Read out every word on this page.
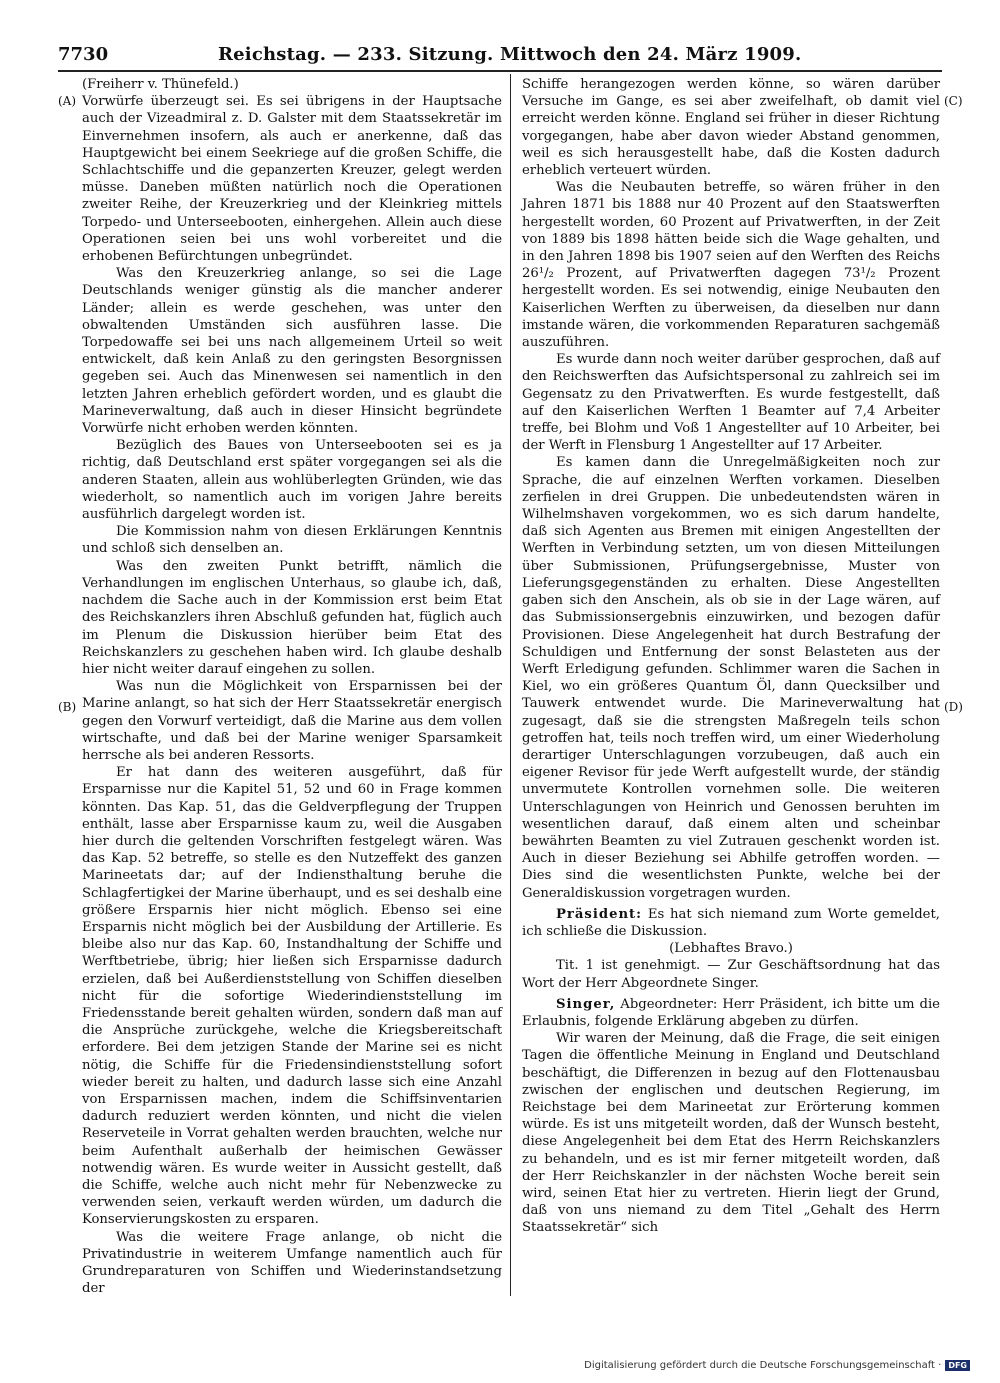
7730	Reichstag. — 233. Sitzung. Mittwoch den 24. März 1909.
(A)
(B)
(C)
(D)

(Freiherr v. Thünefeld.)

Vorwürfe überzeugt sei. Es sei übrigens in der Hauptsache auch der Vizeadmiral z. D. Galster mit dem Staatssekretär im Einvernehmen insofern, als auch er anerkenne, daß das Hauptgewicht bei einem Seekriege auf die großen Schiffe, die Schlachtschiffe und die gepanzerten Kreuzer, gelegt werden müsse. Daneben müßten natürlich noch die Operationen zweiter Reihe, der Kreuzerkrieg und der Kleinkrieg mittels Torpedo- und Unterseebooten, einhergehen. Allein auch diese Operationen seien bei uns wohl vorbereitet und die erhobenen Befürchtungen unbegründet.

Was den Kreuzerkrieg anlange, so sei die Lage Deutschlands weniger günstig als die mancher anderer Länder; allein es werde geschehen, was unter den obwaltenden Umständen sich ausführen lasse. Die Torpedowaffe sei bei uns nach allgemeinem Urteil so weit entwickelt, daß kein Anlaß zu den geringsten Besorgnissen gegeben sei. Auch das Minenwesen sei namentlich in den letzten Jahren erheblich gefördert worden, und es glaubt die Marineverwaltung, daß auch in dieser Hinsicht begründete Vorwürfe nicht erhoben werden könnten.

Bezüglich des Baues von Unterseebooten sei es ja richtig, daß Deutschland erst später vorgegangen sei als die anderen Staaten, allein aus wohlüberlegten Gründen, wie das wiederholt, so namentlich auch im vorigen Jahre bereits ausführlich dargelegt worden ist.

Die Kommission nahm von diesen Erklärungen Kenntnis und schloß sich denselben an.

Was den zweiten Punkt betrifft, nämlich die Verhandlungen im englischen Unterhaus, so glaube ich, daß, nachdem die Sache auch in der Kommission erst beim Etat des Reichskanzlers ihren Abschluß gefunden hat, füglich auch im Plenum die Diskussion hierüber beim Etat des Reichskanzlers zu geschehen haben wird. Ich glaube deshalb hier nicht weiter darauf eingehen zu sollen.

Was nun die Möglichkeit von Ersparnissen bei der Marine anlangt, so hat sich der Herr Staatssekretär energisch gegen den Vorwurf verteidigt, daß die Marine aus dem vollen wirtschafte, und daß bei der Marine weniger Sparsamkeit herrsche als bei anderen Ressorts.

Er hat dann des weiteren ausgeführt, daß für Ersparnisse nur die Kapitel 51, 52 und 60 in Frage kommen könnten. Das Kap. 51, das die Geldverpflegung der Truppen enthält, lasse aber Ersparnisse kaum zu, weil die Ausgaben hier durch die geltenden Vorschriften festgelegt wären. Was das Kap. 52 betreffe, so stelle es den Nutzeffekt des ganzen Marineetats dar; auf der Indiensthaltung beruhe die Schlagfertigkei der Marine überhaupt, und es sei deshalb eine größere Ersparnis hier nicht möglich. Ebenso sei eine Ersparnis nicht möglich bei der Ausbildung der Artillerie. Es bleibe also nur das Kap. 60, Instandhaltung der Schiffe und Werftbetriebe, übrig; hier ließen sich Ersparnisse dadurch erzielen, daß bei Außerdienststellung von Schiffen dieselben nicht für die sofortige Wiederindienststellung im Friedensstande bereit gehalten würden, sondern daß man auf die Ansprüche zurückgehe, welche die Kriegsbereitschaft erfordere. Bei dem jetzigen Stande der Marine sei es nicht nötig, die Schiffe für die Friedensindienststellung sofort wieder bereit zu halten, und dadurch lasse sich eine Anzahl von Ersparnissen machen, indem die Schiffsinventarien dadurch reduziert werden könnten, und nicht die vielen Reserveteile in Vorrat gehalten werden brauchten, welche nur beim Aufenthalt außerhalb der heimischen Gewässer notwendig wären. Es wurde weiter in Aussicht gestellt, daß die Schiffe, welche auch nicht mehr für Nebenzwecke zu verwenden seien, verkauft werden würden, um dadurch die Konservierungskosten zu ersparen.

Was die weitere Frage anlange, ob nicht die Privatindustrie in weiterem Umfange namentlich auch für Grundreparaturen von Schiffen und Wiederinstandsetzung der

Schiffe herangezogen werden könne, so wären darüber Versuche im Gange, es sei aber zweifelhaft, ob damit viel erreicht werden könne. England sei früher in dieser Richtung vorgegangen, habe aber davon wieder Abstand genommen, weil es sich herausgestellt habe, daß die Kosten dadurch erheblich verteuert würden.

Was die Neubauten betreffe, so wären früher in den Jahren 1871 bis 1888 nur 40 Prozent auf den Staatswerften hergestellt worden, 60 Prozent auf Privatwerften, in der Zeit von 1889 bis 1898 hätten beide sich die Wage gehalten, und in den Jahren 1898 bis 1907 seien auf den Werften des Reichs 26¹/₂ Prozent, auf Privatwerften dagegen 73¹/₂ Prozent hergestellt worden. Es sei notwendig, einige Neubauten den Kaiserlichen Werften zu überweisen, da dieselben nur dann imstande wären, die vorkommenden Reparaturen sachgemäß auszuführen.

Es wurde dann noch weiter darüber gesprochen, daß auf den Reichswerften das Aufsichtspersonal zu zahlreich sei im Gegensatz zu den Privatwerften. Es wurde festgestellt, daß auf den Kaiserlichen Werften 1 Beamter auf 7,4 Arbeiter treffe, bei Blohm und Voß 1 Angestellter auf 10 Arbeiter, bei der Werft in Flensburg 1 Angestellter auf 17 Arbeiter.

Es kamen dann die Unregelmäßigkeiten noch zur Sprache, die auf einzelnen Werften vorkamen. Dieselben zerfielen in drei Gruppen. Die unbedeutendsten wären in Wilhelmshaven vorgekommen, wo es sich darum handelte, daß sich Agenten aus Bremen mit einigen Angestellten der Werften in Verbindung setzten, um von diesen Mitteilungen über Submissionen, Prüfungsergebnisse, Muster von Lieferungsgegenständen zu erhalten. Diese Angestellten gaben sich den Anschein, als ob sie in der Lage wären, auf das Submissionsergebnis einzuwirken, und bezogen dafür Provisionen. Diese Angelegenheit hat durch Bestrafung der Schuldigen und Entfernung der sonst Belasteten aus der Werft Erledigung gefunden. Schlimmer waren die Sachen in Kiel, wo ein größeres Quantum Öl, dann Quecksilber und Tauwerk entwendet wurde. Die Marineverwaltung hat zugesagt, daß sie die strengsten Maßregeln teils schon getroffen hat, teils noch treffen wird, um einer Wiederholung derartiger Unterschlagungen vorzubeugen, daß auch ein eigener Revisor für jede Werft aufgestellt wurde, der ständig unvermutete Kontrollen vornehmen solle. Die weiteren Unterschlagungen von Heinrich und Genossen beruhten im wesentlichen darauf, daß einem alten und scheinbar bewährten Beamten zu viel Zutrauen geschenkt worden ist. Auch in dieser Beziehung sei Abhilfe getroffen worden. — Dies sind die wesentlichsten Punkte, welche bei der Generaldiskussion vorgetragen wurden.

Präsident: Es hat sich niemand zum Worte gemeldet, ich schließe die Diskussion.

(Lebhaftes Bravo.)

Tit. 1 ist genehmigt. — Zur Geschäftsordnung hat das Wort der Herr Abgeordnete Singer.

Singer, Abgeordneter: Herr Präsident, ich bitte um die Erlaubnis, folgende Erklärung abgeben zu dürfen.

Wir waren der Meinung, daß die Frage, die seit einigen Tagen die öffentliche Meinung in England und Deutschland beschäftigt, die Differenzen in bezug auf den Flottenausbau zwischen der englischen und deutschen Regierung, im Reichstage bei dem Marineetat zur Erörterung kommen würde. Es ist uns mitgeteilt worden, daß der Wunsch besteht, diese Angelegenheit bei dem Etat des Herrn Reichskanzlers zu behandeln, und es ist mir ferner mitgeteilt worden, daß der Herr Reichskanzler in der nächsten Woche bereit sein wird, seinen Etat hier zu vertreten. Hierin liegt der Grund, daß von uns niemand zu dem Titel „Gehalt des Herrn Staatssekretär“ sich

Digitalisierung gefördert durch die Deutsche Forschungsgemeinschaft · DFG
